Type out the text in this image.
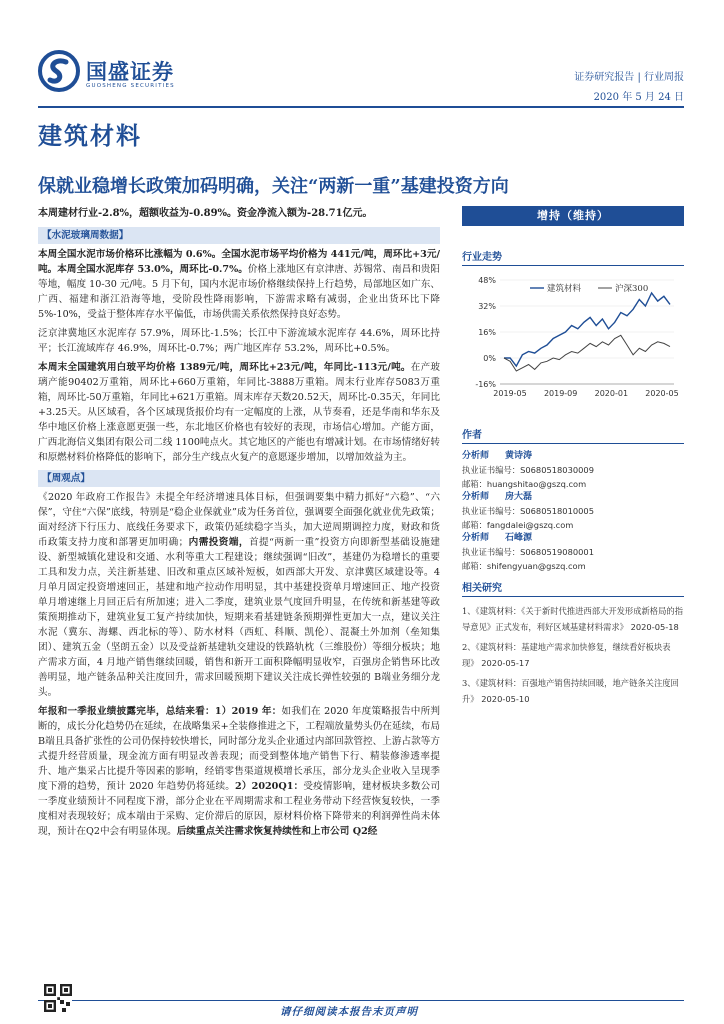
国盛证券
GUOSHENG SECURITIES
证券研究报告 | 行业周报
2020 年 5 月 24 日
建筑材料
保就业稳增长政策加码明确，关注“两新一重”基建投资方向

本周建材行业-2.8%，超额收益为-0.89%。资金净流入额为-28.71亿元。

【水泥玻璃周数据】

本周全国水泥市场价格环比涨幅为 0.6%。全国水泥市场平均价格为 441元/吨，周环比+3元/吨。本周全国水泥库存 53.0%，周环比-0.7%。价格上涨地区有京津唐、苏锡常、南昌和贵阳等地，幅度 10-30 元/吨。5 月下旬，国内水泥市场价格继续保持上行趋势，局部地区如广东、广西、福建和浙江沿海等地，受阶段性降雨影响，下游需求略有减弱，企业出货环比下降 5%-10%，受益于整体库存水平偏低，市场供需关系依然保持良好态势。

泛京津冀地区水泥库存 57.9%，周环比-1.5%；长江中下游流域水泥库存 44.6%，周环比持平；长江流域库存 46.9%，周环比-0.7%；两广地区库存 53.2%，周环比+0.5%。

本周末全国建筑用白玻平均价格 1389元/吨，周环比+23元/吨，年同比-113元/吨。在产玻璃产能90402万重箱，周环比+660万重箱，年同比-3888万重箱。周末行业库存5083万重箱，周环比-50万重箱，年同比+621万重箱。周末库存天数20.52天，周环比-0.35天，年同比+3.25天。从区域看，各个区域现货报价均有一定幅度的上涨，从节奏看，还是华南和华东及华中地区价格上涨意愿更强一些，东北地区价格也有较好的表现，市场信心增加。产能方面，广西北海信义集团有限公司二线 1100吨点火。其它地区的产能也有增减计划。在市场情绪好转和原燃材料价格降低的影响下，部分生产线点火复产的意愿逐步增加，以增加效益为主。

【周观点】

《2020 年政府工作报告》未提全年经济增速具体目标，但强调要集中精力抓好“六稳”、“六保”，守住“六保”底线，特别是“稳企业保就业”成为任务首位，强调要全面强化就业优先政策；面对经济下行压力、底线任务要求下，政策仍延续稳字当头，加大逆周期调控力度，财政和货币政策支持力度和部署更加明确；内需投资端，首提“两新一重”投资方向即新型基础设施建设、新型城镇化建设和交通、水利等重大工程建设；继续强调“旧改”，基建仍为稳增长的重要工具和发力点，关注新基建、旧改和重点区域补短板，如西部大开发、京津冀区域建设等。4 月单月固定投资增速回正，基建和地产拉动作用明显，其中基建投资单月增速回正、地产投资单月增速继上月回正后有所加速；进入二季度，建筑业景气度回升明显，在传统和新基建等政策预期推动下，建筑业复工复产持续加快，短期来看基建链条预期弹性更加大一点，建议关注水泥（冀东、海螺、西北标的等）、防水材料（西虹、科顺、凯伦）、混凝土外加剂（垒知集团）、建筑五金（坚朗五金）以及受益新基建轨交建设的铁路轨枕（三维股份）等细分板块；地产需求方面，4 月地产销售继续回暖，销售和新开工面积降幅明显收窄，百强房企销售环比改善明显，地产链条品种关注度回升，需求回暖预期下建议关注成长弹性较强的 B端业务细分龙头。

年报和一季报业绩披露完毕，总结来看：1）2019 年：如我们在 2020 年度策略报告中所判断的，成长分化趋势仍在延续，在战略集采+全装修推进之下，工程端放量势头仍在延续，布局 B端且具备扩张性的公司仍保持较快增长，同时部分龙头企业通过内部回款管控、上游占款等方式提升经营质量，现金流方面有明显改善表现；而受到整体地产销售下行、精装修渗透率提升、地产集采占比提升等因素的影响，经销零售渠道规模增长承压，部分龙头企业收入呈现季度下滑的趋势，预计 2020 年趋势仍将延续。2）2020Q1：受疫情影响，建材板块多数公司一季度业绩预计不同程度下滑，部分企业在平周期需求和工程业务带动下经营恢复较快，一季度相对表现较好；成本端由于采购、定价滞后的原因，原材料价格下降带来的利润弹性尚未体现，预计在Q2中会有明显体现。后续重点关注需求恢复持续性和上市公司 Q2经

增持（维持）
行业走势
48%
32%
16%
0%
-16%
2019-05 2019-09 2020-01 2020-05
建筑材料	沪深300
作者
分析师 黄诗涛
执业证书编号：S0680518030009
邮箱：huangshitao@gszq.com
分析师 房大磊
执业证书编号：S0680518010005
邮箱：fangdalei@gszq.com
分析师 石峰源
执业证书编号：S0680519080001
邮箱：shifengyuan@gszq.com
相关研究
1、《建筑材料：《关于新时代推进西部大开发形成新格局的指导意见》正式发布，利好区域基建材料需求》 2020-05-18
2、《建筑材料：基建地产需求加快修复，继续看好板块表现》 2020-05-17
3、《建筑材料：百强地产销售持续回暖，地产链条关注度回升》 2020-05-10
请仔细阅读本报告末页声明
